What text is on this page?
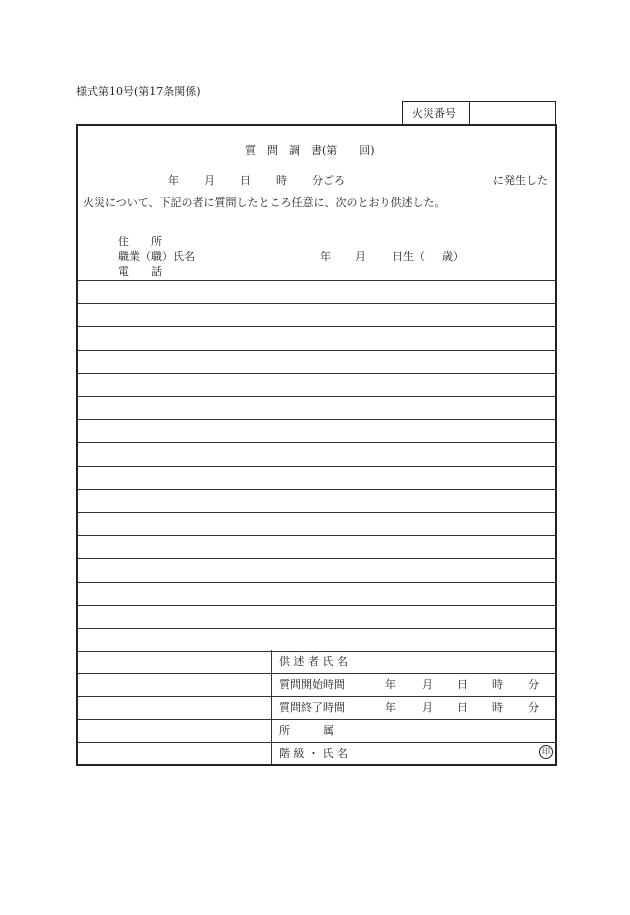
様式第10号(第17条関係)
火災番号
質　問　調　書(第　　回)
年 月 日 時 分ごろ	に発生した
火災について、下記の者に質問したところ任意に、次のとおり供述した。
住　　所
職業（職）氏名
電　　話
年 月 日生（ 歳）
供 述 者 氏 名
質問開始時間
質問終了時間
所　　　属
階 級 ・ 氏 名
年 月 日 時 分
年 月 日 時 分
印
